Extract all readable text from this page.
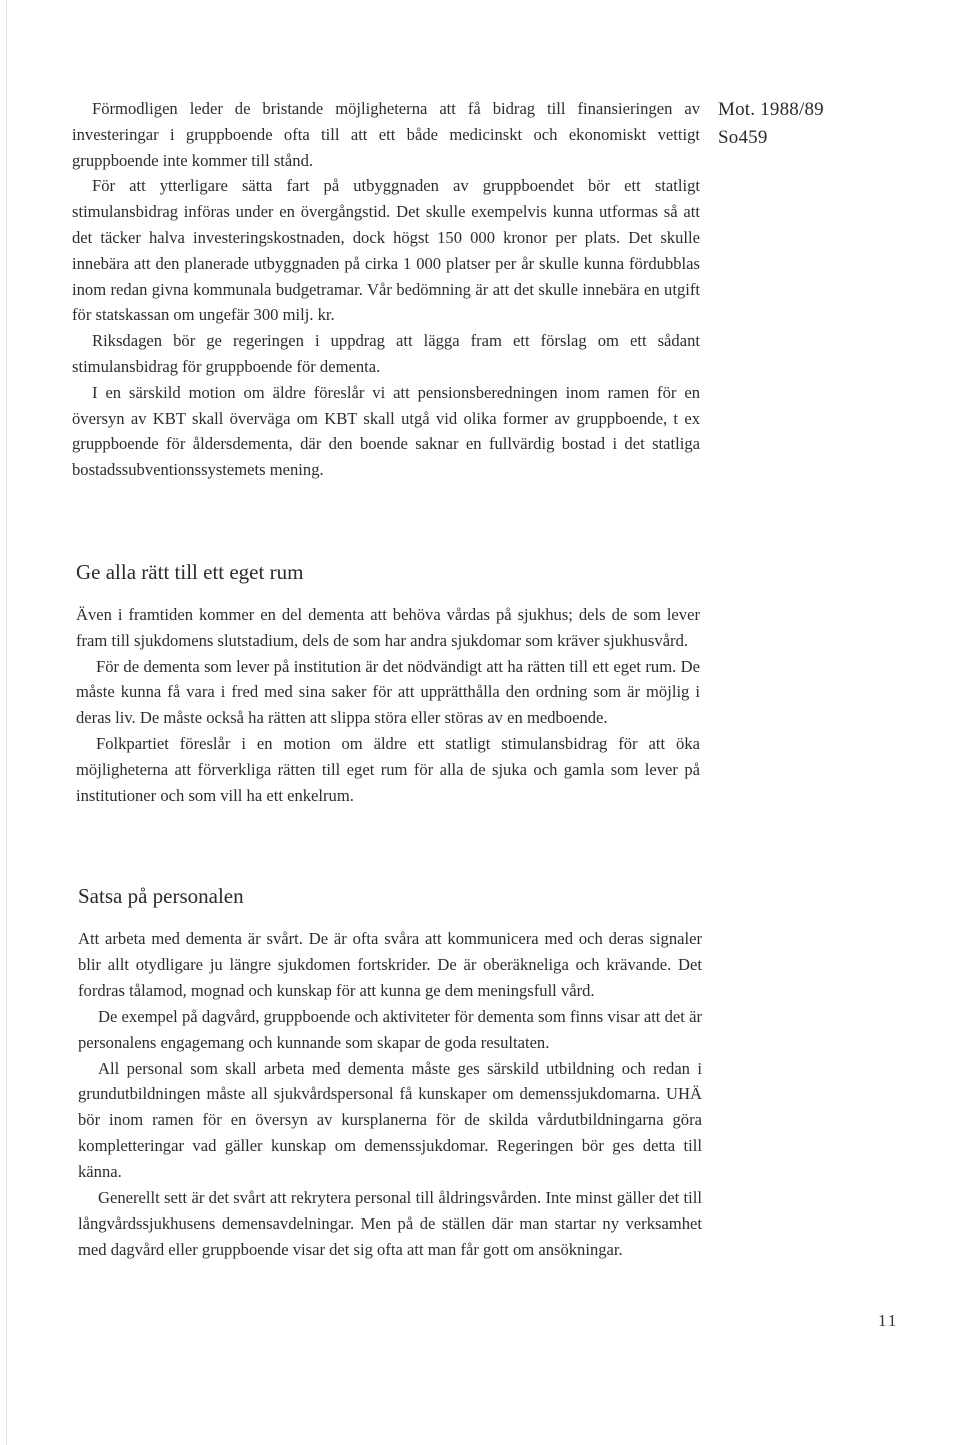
Mot. 1988/89
So459

Förmodligen leder de bristande möjligheterna att få bidrag till finansieringen av investeringar i gruppboende ofta till att ett både medicinskt och ekonomiskt vettigt gruppboende inte kommer till stånd.

För att ytterligare sätta fart på utbyggnaden av gruppboendet bör ett statligt stimulansbidrag införas under en övergångstid. Det skulle exempelvis kunna utformas så att det täcker halva investeringskostnaden, dock högst 150 000 kronor per plats. Det skulle innebära att den planerade utbyggnaden på cirka 1 000 platser per år skulle kunna fördubblas inom redan givna kommunala budgetramar. Vår bedömning är att det skulle innebära en utgift för statskassan om ungefär 300 milj. kr.

Riksdagen bör ge regeringen i uppdrag att lägga fram ett förslag om ett sådant stimulansbidrag för gruppboende för dementa.

I en särskild motion om äldre föreslår vi att pensionsberedningen inom ramen för en översyn av KBT skall överväga om KBT skall utgå vid olika former av gruppboende, t ex gruppboende för åldersdementa, där den boende saknar en fullvärdig bostad i det statliga bostadssubventionssystemets mening.

Ge alla rätt till ett eget rum

Även i framtiden kommer en del dementa att behöva vårdas på sjukhus; dels de som lever fram till sjukdomens slutstadium, dels de som har andra sjukdomar som kräver sjukhusvård.

För de dementa som lever på institution är det nödvändigt att ha rätten till ett eget rum. De måste kunna få vara i fred med sina saker för att upprätthålla den ordning som är möjlig i deras liv. De måste också ha rätten att slippa störa eller störas av en medboende.

Folkpartiet föreslår i en motion om äldre ett statligt stimulansbidrag för att öka möjligheterna att förverkliga rätten till eget rum för alla de sjuka och gamla som lever på institutioner och som vill ha ett enkelrum.

Satsa på personalen

Att arbeta med dementa är svårt. De är ofta svåra att kommunicera med och deras signaler blir allt otydligare ju längre sjukdomen fortskrider. De är oberäkneliga och krävande. Det fordras tålamod, mognad och kunskap för att kunna ge dem meningsfull vård.

De exempel på dagvård, gruppboende och aktiviteter för dementa som finns visar att det är personalens engagemang och kunnande som skapar de goda resultaten.

All personal som skall arbeta med dementa måste ges särskild utbildning och redan i grundutbildningen måste all sjukvårdspersonal få kunskaper om demenssjukdomarna. UHÄ bör inom ramen för en översyn av kursplanerna för de skilda vårdutbildningarna göra kompletteringar vad gäller kunskap om demenssjukdomar. Regeringen bör ges detta till känna.

Generellt sett är det svårt att rekrytera personal till åldringsvården. Inte minst gäller det till långvårdssjukhusens demensavdelningar. Men på de ställen där man startar ny verksamhet med dagvård eller gruppboende visar det sig ofta att man får gott om ansökningar.

11
